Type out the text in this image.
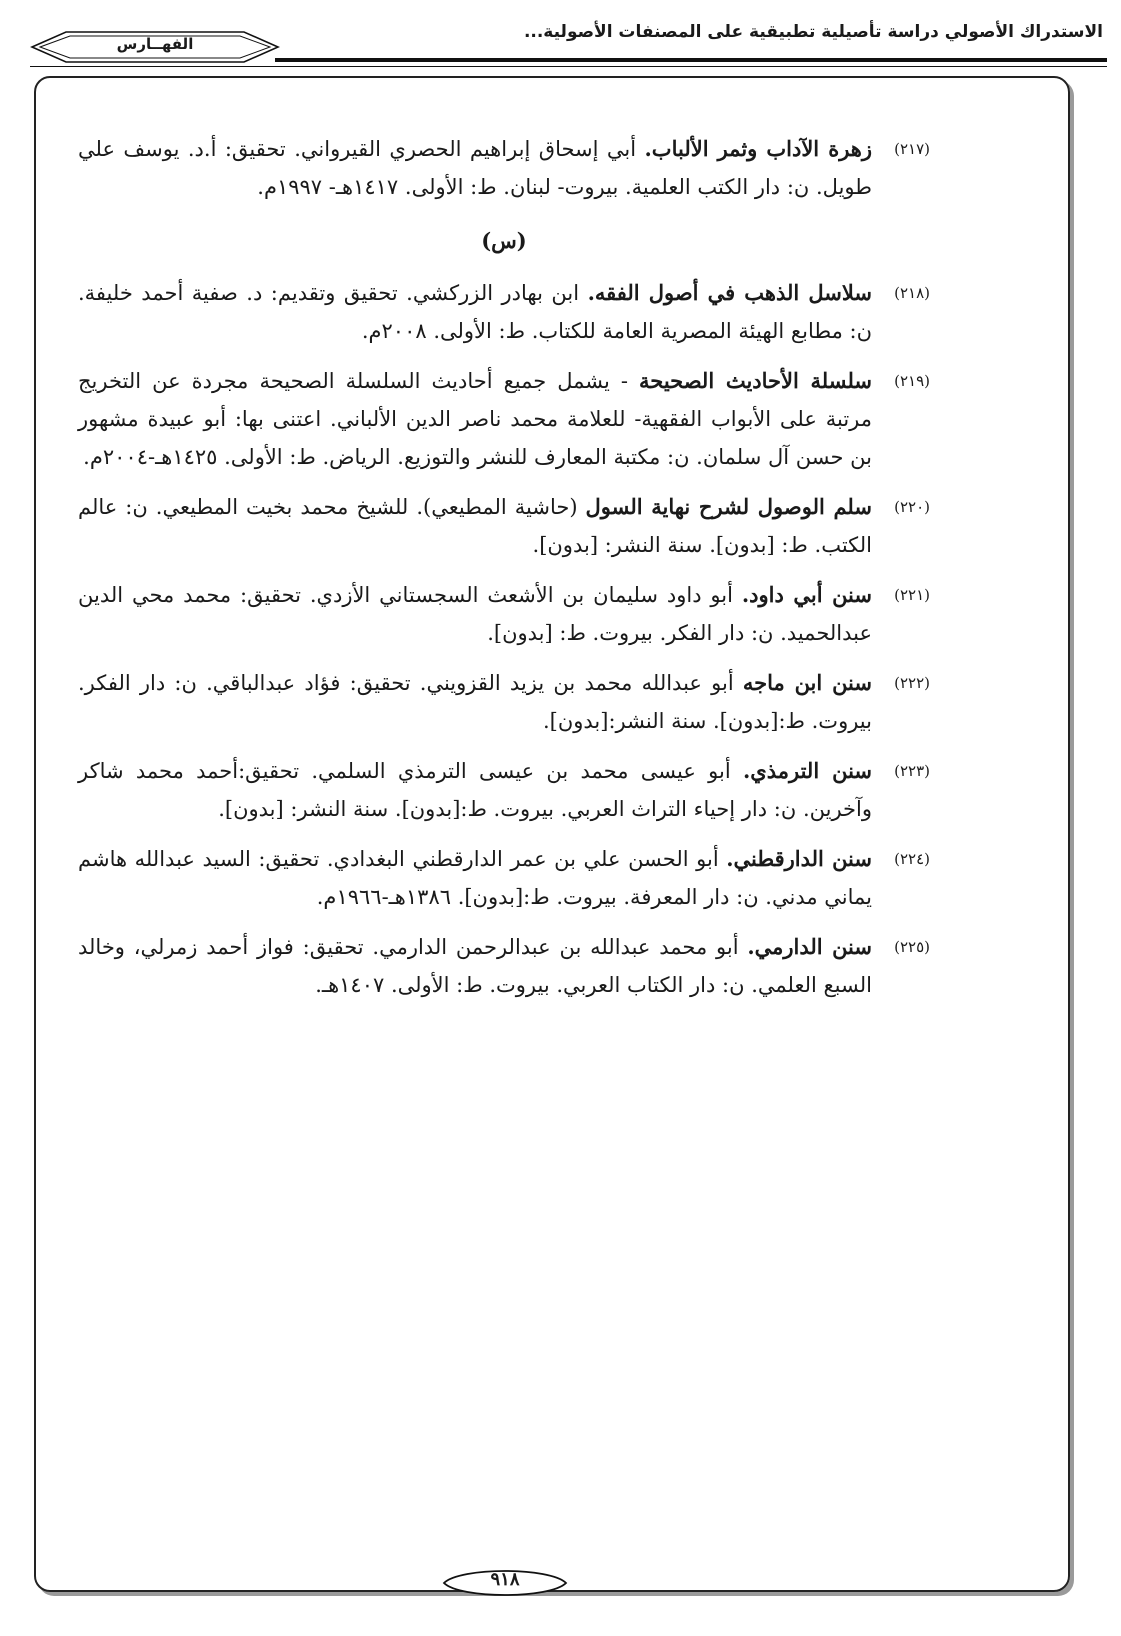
الاستدراك الأصولي دراسة تأصيلية تطبيقية على المصنفات الأصولية...
الفهــارس
(٢١٧)
زهرة الآداب وثمر الألباب. أبي إسحاق إبراهيم الحصري القيرواني. تحقيق: أ.د. يوسف علي طويل. ن: دار الكتب العلمية. بيروت- لبنان. ط: الأولى. ١٤١٧هـ- ١٩٩٧م.
(س)
(٢١٨)
سلاسل الذهب في أصول الفقه. ابن بهادر الزركشي. تحقيق وتقديم: د. صفية أحمد خليفة. ن: مطابع الهيئة المصرية العامة للكتاب. ط: الأولى. ٢٠٠٨م.
(٢١٩)
سلسلة الأحاديث الصحيحة - يشمل جميع أحاديث السلسلة الصحيحة مجردة عن التخريج مرتبة على الأبواب الفقهية- للعلامة محمد ناصر الدين الألباني. اعتنى بها: أبو عبيدة مشهور بن حسن آل سلمان. ن: مكتبة المعارف للنشر والتوزيع. الرياض. ط: الأولى. ١٤٢٥هـ-٢٠٠٤م.
(٢٢٠)
سلم الوصول لشرح نهاية السول (حاشية المطيعي). للشيخ محمد بخيت المطيعي. ن: عالم الكتب. ط: [بدون]. سنة النشر: [بدون].
(٢٢١)
سنن أبي داود. أبو داود سليمان بن الأشعث السجستاني الأزدي. تحقيق: محمد محي الدين عبدالحميد. ن: دار الفكر. بيروت. ط: [بدون].
(٢٢٢)
سنن ابن ماجه أبو عبدالله محمد بن يزيد القزويني. تحقيق: فؤاد عبدالباقي. ن: دار الفكر. بيروت. ط:[بدون]. سنة النشر:[بدون].
(٢٢٣)
سنن الترمذي. أبو عيسى محمد بن عيسى الترمذي السلمي. تحقيق:أحمد محمد شاكر وآخرين. ن: دار إحياء التراث العربي. بيروت. ط:[بدون]. سنة النشر: [بدون].
(٢٢٤)
سنن الدارقطني. أبو الحسن علي بن عمر الدارقطني البغدادي. تحقيق: السيد عبدالله هاشم يماني مدني. ن: دار المعرفة. بيروت. ط:[بدون]. ١٣٨٦هـ-١٩٦٦م.
(٢٢٥)
سنن الدارمي. أبو محمد عبدالله بن عبدالرحمن الدارمي. تحقيق: فواز أحمد زمرلي، وخالد السبع العلمي. ن: دار الكتاب العربي. بيروت. ط: الأولى. ١٤٠٧هـ.
٩١٨
